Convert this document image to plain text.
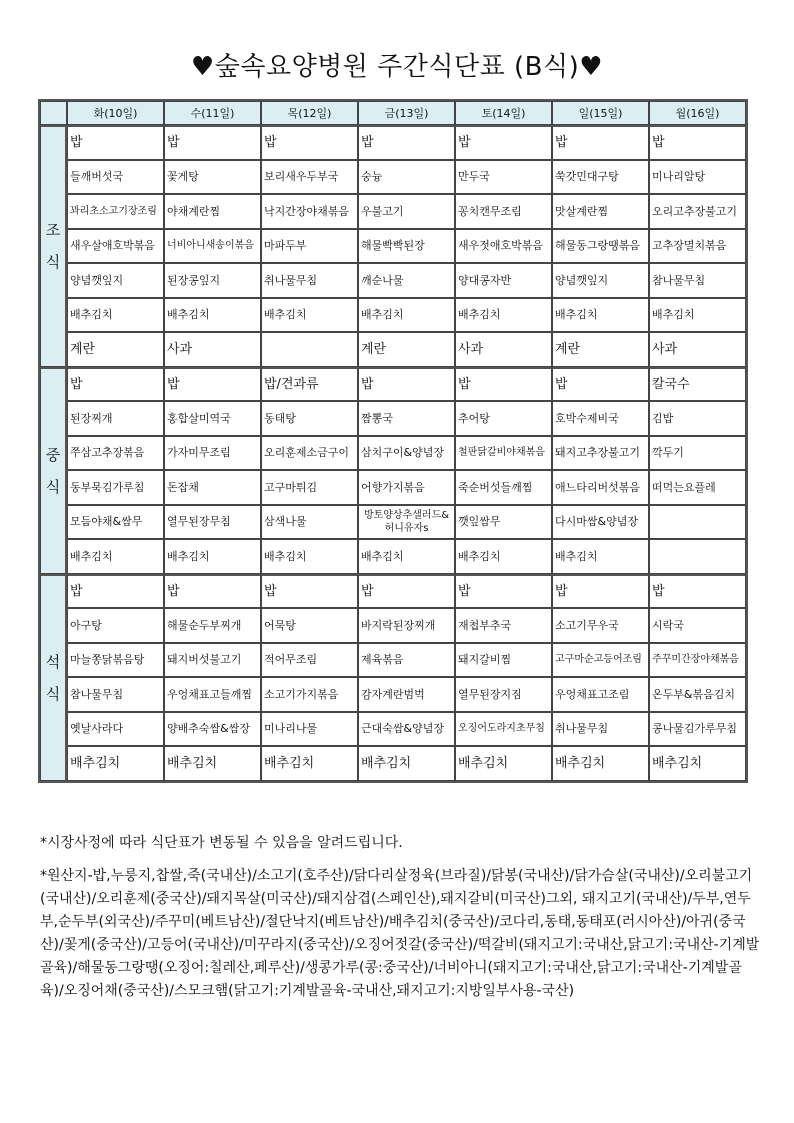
♥숲속요양병원 주간식단표 (B식)♥
	화(10일)	수(11일)	목(12일)	금(13일)	토(14일)	일(15일)	월(16일)

조
식	밥	밥	밥	밥	밥	밥	밥
	들깨버섯국	꽃게탕	보리새우두부국	숭늉	만두국	쑥갓민대구탕	미나리알탕
	꽈리초소고기장조림	야채계란찜	낙지간장야채볶음	우불고기	꽁치캔무조림	맛살계란찜	오리고추장불고기
	새우살애호박볶음	너비아니새송이볶음	마파두부	해물빡빡된장	새우젓애호박볶음	해물동그랑땡볶음	고추장멸치볶음
	양념깻잎지	된장콩잎지	취나물무침	깨순나물	양대콩자반	양념깻잎지	참나물무침
	배추김치	배추김치	배추김치	배추김치	배추김치	배추김치	배추김치
	계란	사과		계란	사과	계란	사과

중
식	밥	밥	밥/견과류	밥	밥	밥	칼국수
	된장찌개	홍합살미역국	동태탕	짬뽕국	추어탕	호박수제비국	김밥
	쭈삼고추장볶음	가자미무조림	오리훈제소금구이	삼치구이&양념장	철판닭갈비야채볶음	돼지고추장불고기	깍두기
	동부묵김가루침	돈잡채	고구마튀김	어향가지볶음	죽순버섯들깨찜	애느타리버섯볶음	떠먹는요플레
	모듬야채&쌈무	열무된장무침	삼색나물	방토양상추샐러드&허니유자s	깻잎쌈무	다시마쌈&양념장	
	배추김치	배추김치	배추김치	배추김치	배추김치	배추김치	

석
식	밥	밥	밥	밥	밥	밥	밥
	아구탕	해물순두부찌개	어묵탕	바지락된장찌개	재첩부추국	소고기무우국	시락국
	마늘쫑닭볶음탕	돼지버섯불고기	적어무조림	제육볶음	돼지갈비찜	고구마순고등어조림	주꾸미간장야채볶음
	참나물무침	우엉채표고들깨찜	소고기가지볶음	감자계란범벅	열무된장지짐	우엉채표고조림	온두부&볶음김치
	옛날사라다	양배추숙쌈&쌈장	미나리나물	근대숙쌈&양념장	오징어도라지초무침	취나물무침	콩나물김가루무침
	배추김치	배추김치	배추김치	배추김치	배추김치	배추김치	배추김치

*시장사정에 따라 식단표가 변동될 수 있음을 알려드립니다.

*원산지-밥,누룽지,찹쌀,죽(국내산)/소고기(호주산)/닭다리살정육(브라질)/닭봉(국내산)/닭가슴살(국내산)/오리불고기(국내산)/오리훈제(중국산)/돼지목살(미국산)/돼지삼겹(스페인산),돼지갈비(미국산)그외, 돼지고기(국내산)/두부,연두부,순두부(외국산)/주꾸미(베트남산)/절단낙지(베트남산)/배추김치(중국산)/코다리,동태,동태포(러시아산)/아귀(중국산)/꽃게(중국산)/고등어(국내산)/미꾸라지(중국산)/오징어젓갈(중국산)/떡갈비(돼지고기:국내산,닭고기:국내산-기계발골육)/해물동그랑땡(오징어:칠레산,페루산)/생콩가루(콩:중국산)/너비아니(돼지고기:국내산,닭고기:국내산-기계발골육)/오징어채(중국산)/스모크햄(닭고기:기계발골육-국내산,돼지고기:지방일부사용-국산)
